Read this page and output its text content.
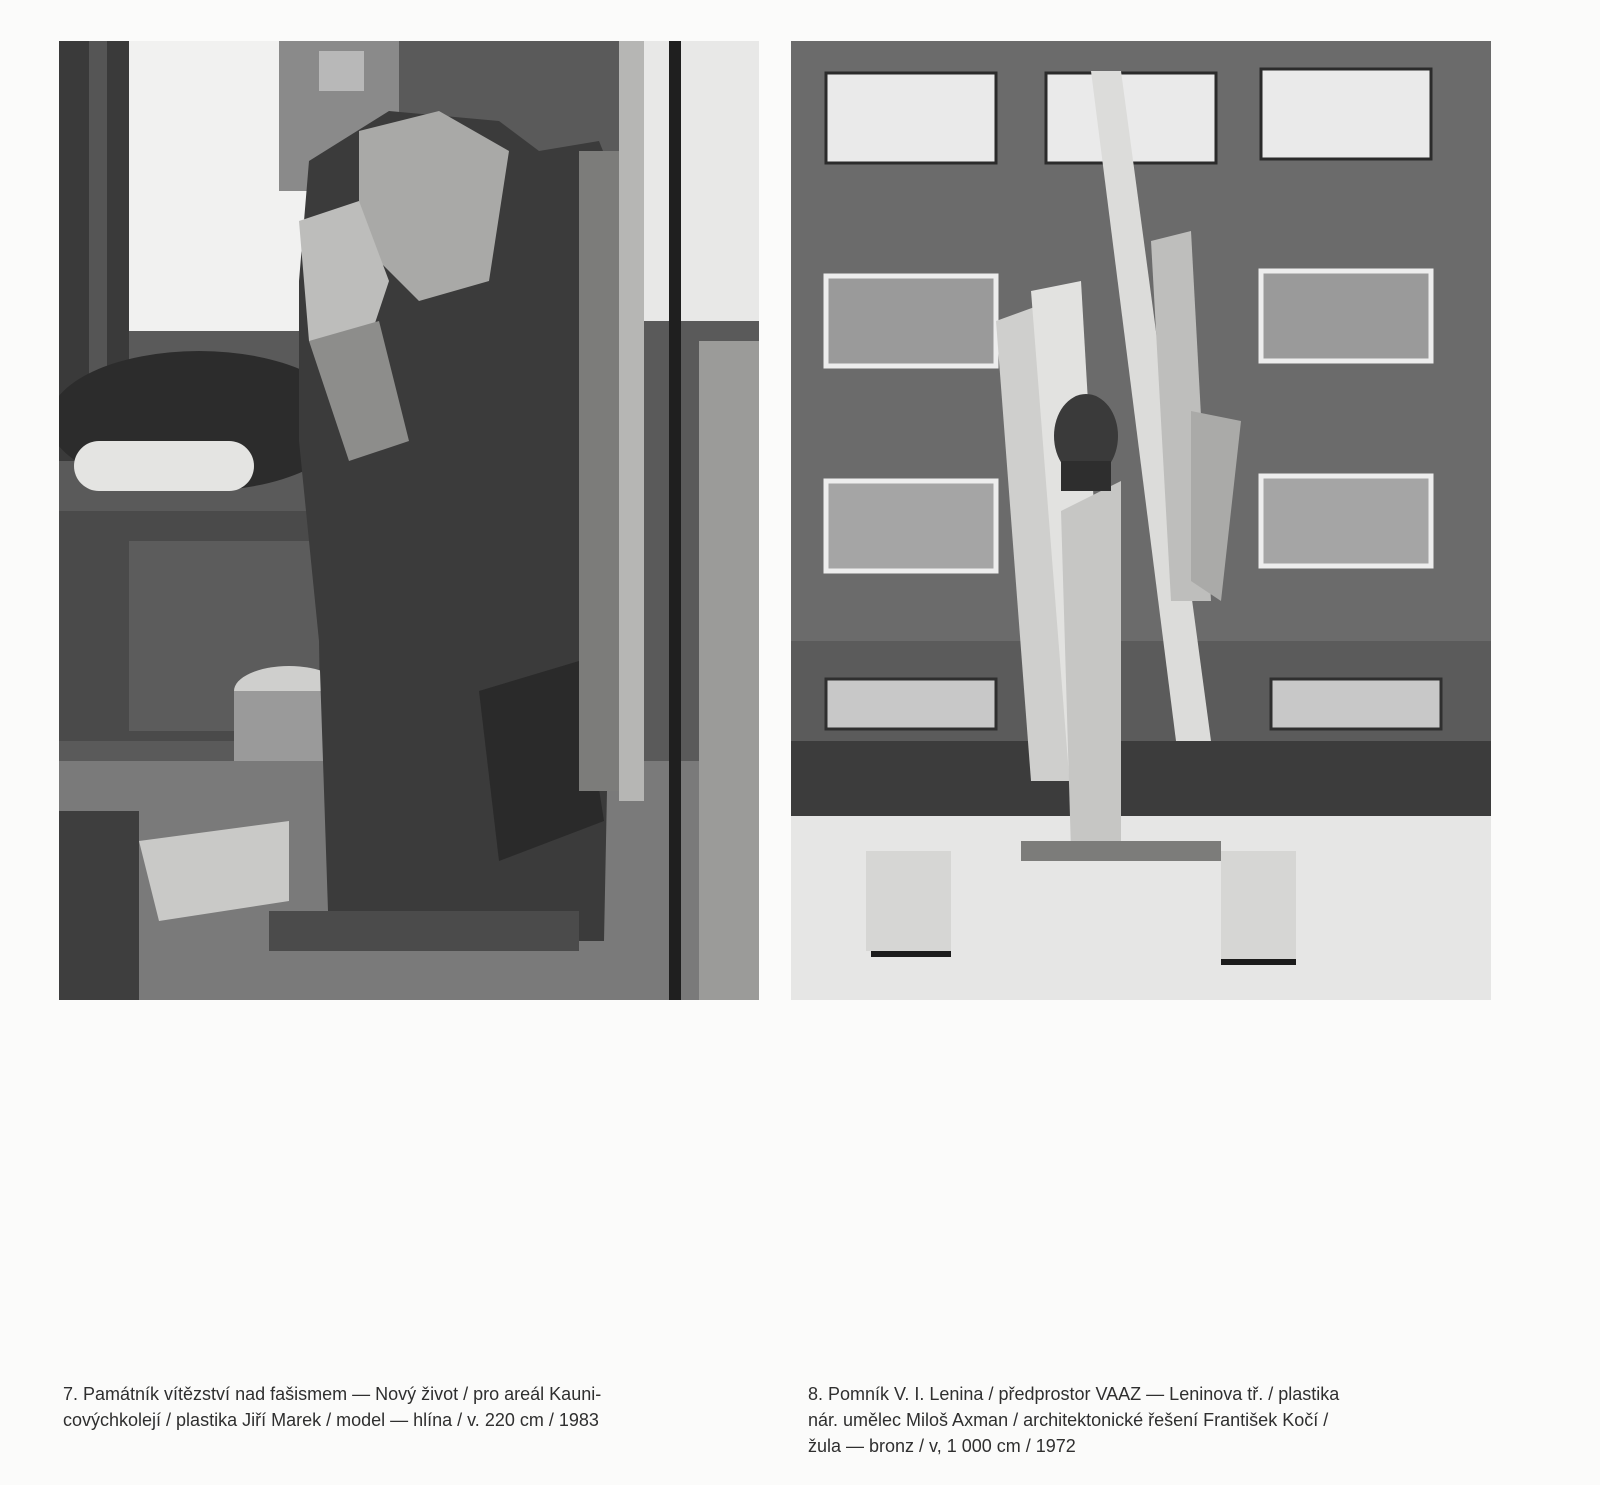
7. Památník vítězství nad fašismem — Nový život / pro areál Kauni-
covýchkolejí / plastika Jiří Marek / model — hlína / v. 220 cm / 1983
8. Pomník V. I. Lenina / předprostor VAAZ — Leninova tř. / plastika
nár. umělec Miloš Axman / architektonické řešení František Kočí /
žula — bronz / v, 1 000 cm / 1972
